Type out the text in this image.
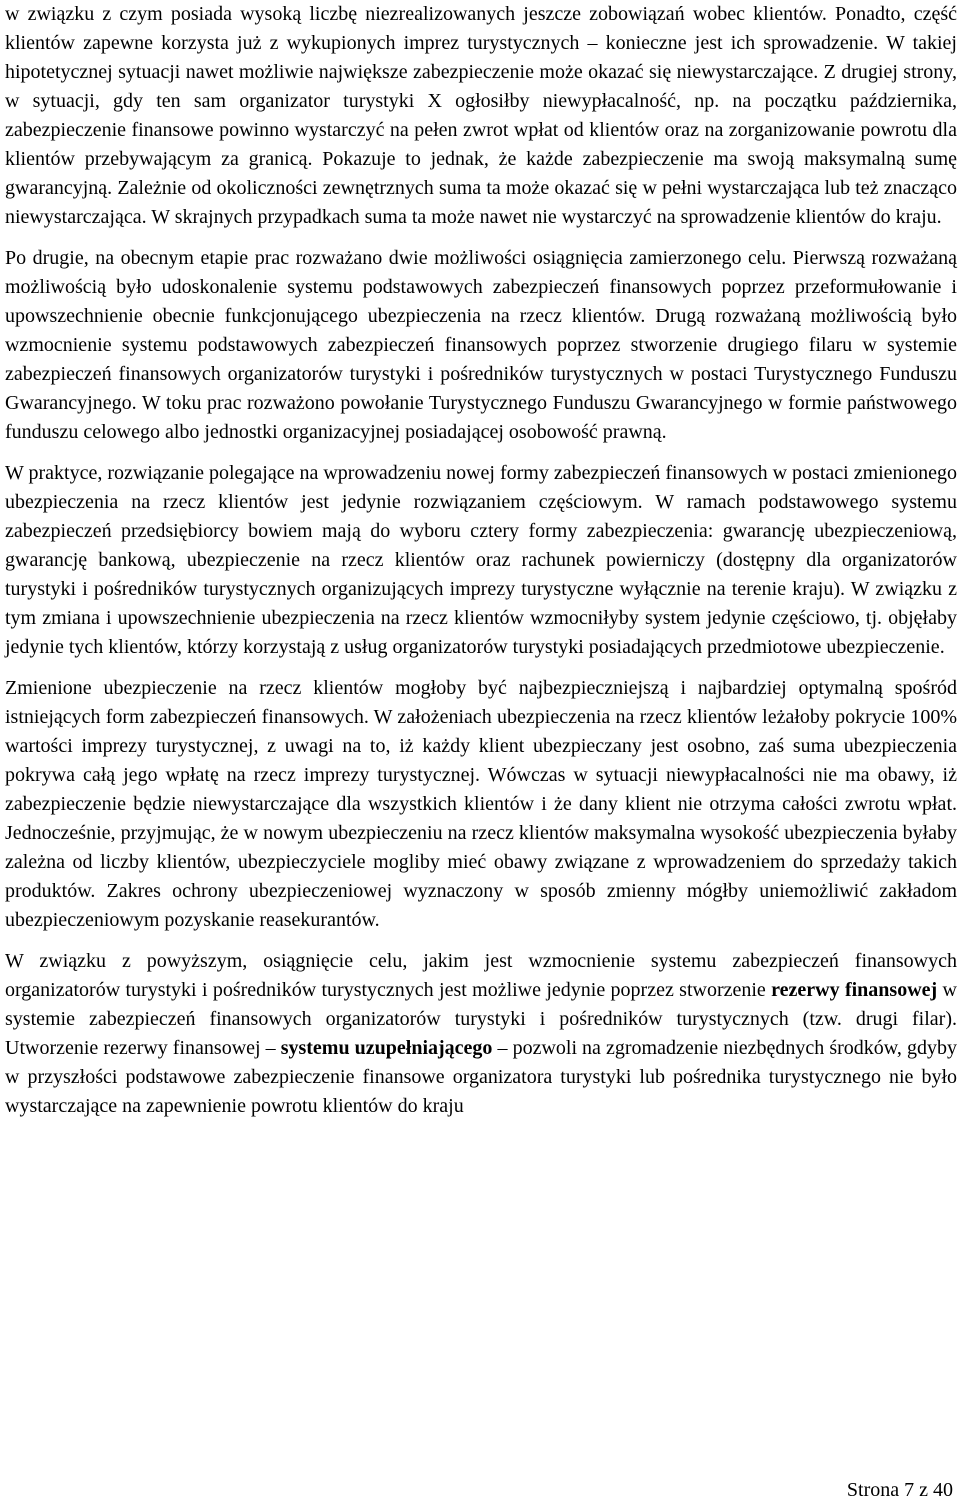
w związku z czym posiada wysoką liczbę niezrealizowanych jeszcze zobowiązań wobec klientów. Ponadto, część klientów zapewne korzysta już z wykupionych imprez turystycznych – konieczne jest ich sprowadzenie. W takiej hipotetycznej sytuacji nawet możliwie największe zabezpieczenie może okazać się niewystarczające. Z drugiej strony, w sytuacji, gdy ten sam organizator turystyki X ogłosiłby niewypłacalność, np. na początku października, zabezpieczenie finansowe powinno wystarczyć na pełen zwrot wpłat od klientów oraz na zorganizowanie powrotu dla klientów przebywającym za granicą. Pokazuje to jednak, że każde zabezpieczenie ma swoją maksymalną sumę gwarancyjną. Zależnie od okoliczności zewnętrznych suma ta może okazać się w pełni wystarczająca lub też znacząco niewystarczająca. W skrajnych przypadkach suma ta może nawet nie wystarczyć na sprowadzenie klientów do kraju.

Po drugie, na obecnym etapie prac rozważano dwie możliwości osiągnięcia zamierzonego celu. Pierwszą rozważaną możliwością było udoskonalenie systemu podstawowych zabezpieczeń finansowych poprzez przeformułowanie i upowszechnienie obecnie funkcjonującego ubezpieczenia na rzecz klientów. Drugą rozważaną możliwością było wzmocnienie systemu podstawowych zabezpieczeń finansowych poprzez stworzenie drugiego filaru w systemie zabezpieczeń finansowych organizatorów turystyki i pośredników turystycznych w postaci Turystycznego Funduszu Gwarancyjnego. W toku prac rozważono powołanie Turystycznego Funduszu Gwarancyjnego w formie państwowego funduszu celowego albo jednostki organizacyjnej posiadającej osobowość prawną.

W praktyce, rozwiązanie polegające na wprowadzeniu nowej formy zabezpieczeń finansowych w postaci zmienionego ubezpieczenia na rzecz klientów jest jedynie rozwiązaniem częściowym. W ramach podstawowego systemu zabezpieczeń przedsiębiorcy bowiem mają do wyboru cztery formy zabezpieczenia: gwarancję ubezpieczeniową, gwarancję bankową, ubezpieczenie na rzecz klientów oraz rachunek powierniczy (dostępny dla organizatorów turystyki i pośredników turystycznych organizujących imprezy turystyczne wyłącznie na terenie kraju). W związku z tym zmiana i upowszechnienie ubezpieczenia na rzecz klientów wzmocniłyby system jedynie częściowo, tj. objęłaby jedynie tych klientów, którzy korzystają z usług organizatorów turystyki posiadających przedmiotowe ubezpieczenie.

Zmienione ubezpieczenie na rzecz klientów mogłoby być najbezpieczniejszą i najbardziej optymalną spośród istniejących form zabezpieczeń finansowych. W założeniach ubezpieczenia na rzecz klientów leżałoby pokrycie 100% wartości imprezy turystycznej, z uwagi na to, iż każdy klient ubezpieczany jest osobno, zaś suma ubezpieczenia pokrywa całą jego wpłatę na rzecz imprezy turystycznej. Wówczas w sytuacji niewypłacalności nie ma obawy, iż zabezpieczenie będzie niewystarczające dla wszystkich klientów i że dany klient nie otrzyma całości zwrotu wpłat. Jednocześnie, przyjmując, że w nowym ubezpieczeniu na rzecz klientów maksymalna wysokość ubezpieczenia byłaby zależna od liczby klientów, ubezpieczyciele mogliby mieć obawy związane z wprowadzeniem do sprzedaży takich produktów. Zakres ochrony ubezpieczeniowej wyznaczony w sposób zmienny mógłby uniemożliwić zakładom ubezpieczeniowym pozyskanie reasekurantów.

W związku z powyższym, osiągnięcie celu, jakim jest wzmocnienie systemu zabezpieczeń finansowych organizatorów turystyki i pośredników turystycznych jest możliwe jedynie poprzez stworzenie rezerwy finansowej w systemie zabezpieczeń finansowych organizatorów turystyki i pośredników turystycznych (tzw. drugi filar). Utworzenie rezerwy finansowej – systemu uzupełniającego – pozwoli na zgromadzenie niezbędnych środków, gdyby w przyszłości podstawowe zabezpieczenie finansowe organizatora turystyki lub pośrednika turystycznego nie było wystarczające na zapewnienie powrotu klientów do kraju

Strona 7 z 40
